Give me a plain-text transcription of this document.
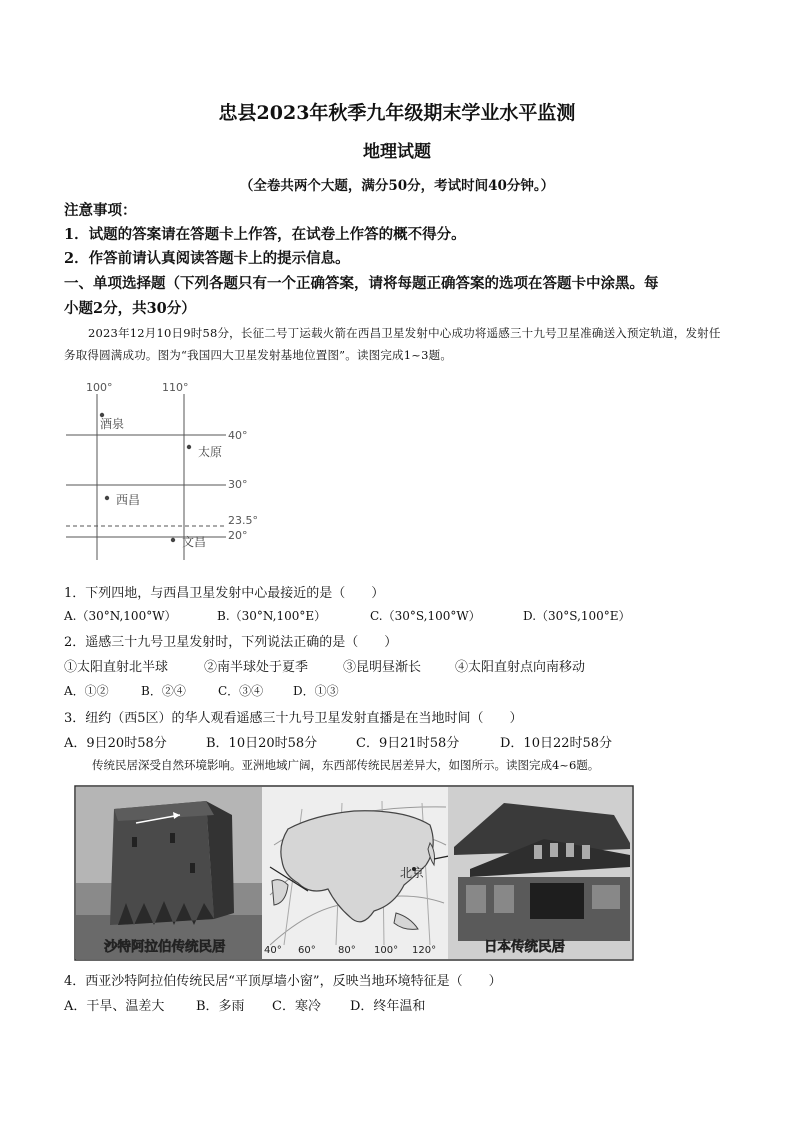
忠县2023年秋季九年级期末学业水平监测
地理试题
（全卷共两个大题，满分50分，考试时间40分钟。）
注意事项：
1．试题的答案请在答题卡上作答，在试卷上作答的概不得分。
2．作答前请认真阅读答题卡上的提示信息。
一、单项选择题（下列各题只有一个正确答案，请将每题正确答案的选项在答题卡中涂黑。每
小题2分，共30分）
2023年12月10日9时58分，长征二号丁运载火箭在西昌卫星发射中心成功将遥感三十九号卫星准确送入预定轨道，发射任务取得圆满成功。图为“我国四大卫星发射基地位置图”。读图完成1~3题。
100°	110°
40°
30°
23.5°
20°
酒泉
太原
西昌
文昌
1．下列四地，与西昌卫星发射中心最接近的是（　　）
A.（30°N,100°W）	B.（30°N,100°E）	C.（30°S,100°W）	D.（30°S,100°E）
2．遥感三十九号卫星发射时，下列说法正确的是（　　）
①太阳直射北半球	②南半球处于夏季	③昆明昼渐长	④太阳直射点向南移动
A．①②	B．②④	C．③④ D．①③
3．纽约（西5区）的华人观看遥感三十九号卫星发射直播是在当地时间（　　）
A．9日20时58分	B．10日20时58分	C．9日21时58分	D．10日22时58分
传统民居深受自然环境影响。亚洲地域广阔，东西部传统民居差异大，如图所示。读图完成4~6题。
北京
沙特阿拉伯传统民居	日本传统民居
40° 60° 80° 100° 120°
4．西亚沙特阿拉伯传统民居“平顶厚墙小窗”，反映当地环境特征是（　　）
A．干旱、温差大 B．多雨 C．寒冷 D．终年温和
